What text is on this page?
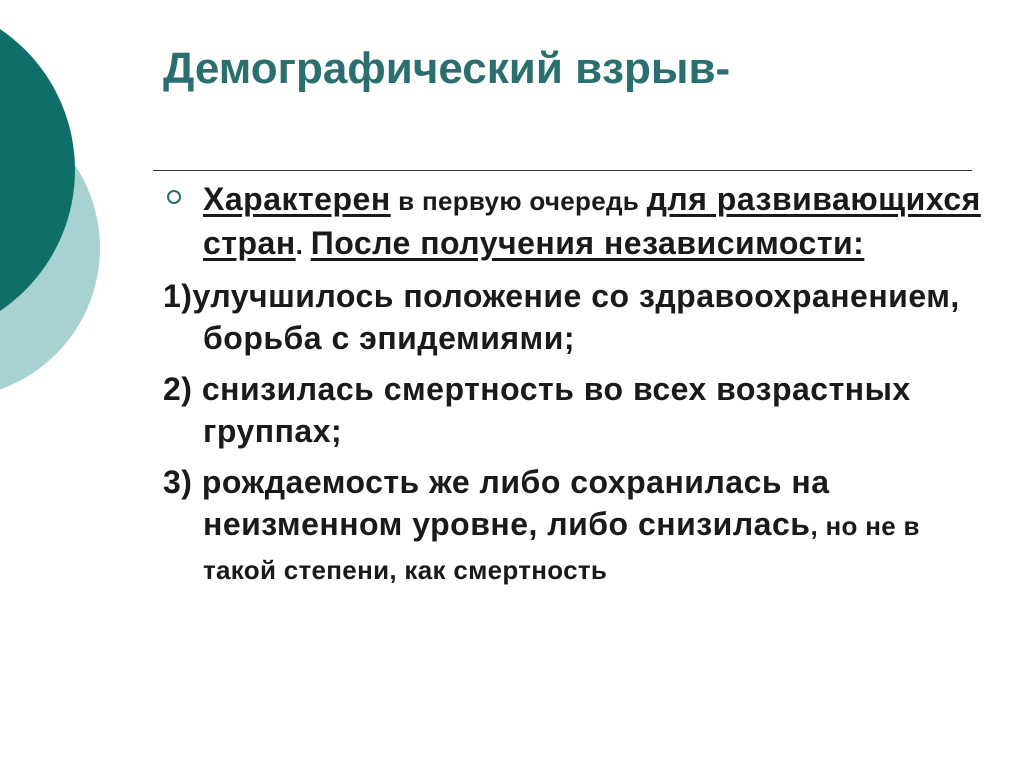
Демографический взрыв-
Характерен в первую очередь для развивающихся стран. После получения независимости:
1)улучшилось положение со здравоохранением, борьба с эпидемиями;
2) снизилась смертность во всех возрастных группах;
3) рождаемость же либо сохранилась на неизменном уровне, либо снизилась, но не в такой степени, как смертность
